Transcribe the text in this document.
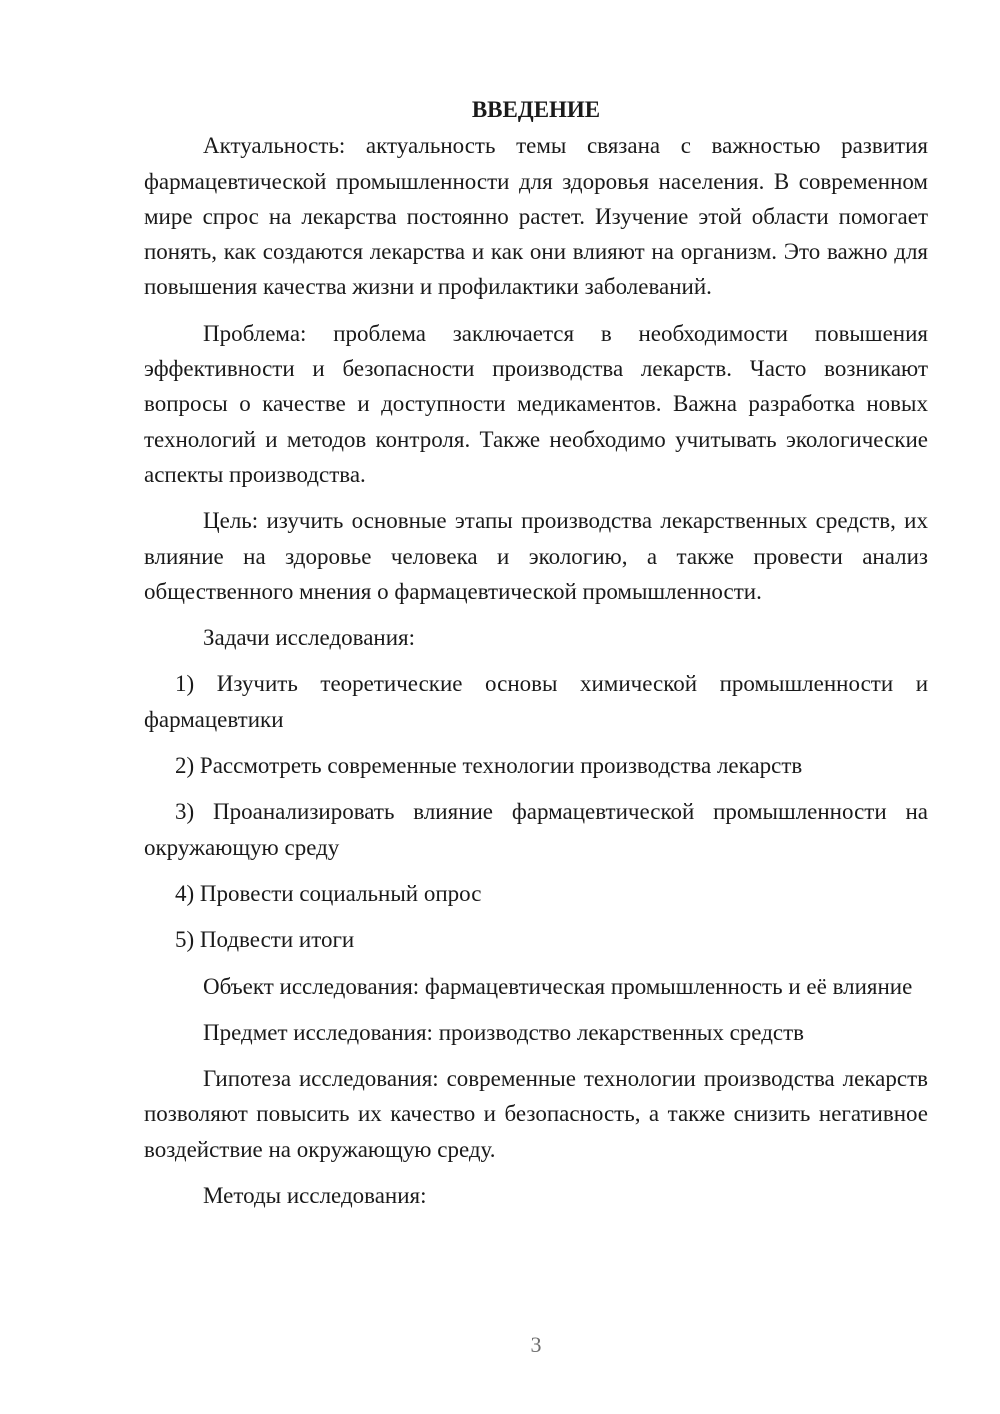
ВВЕДЕНИЕ

Актуальность: актуальность темы связана с важностью развития фармацевтической промышленности для здоровья населения. В современном мире спрос на лекарства постоянно растет. Изучение этой области помогает понять, как создаются лекарства и как они влияют на организм. Это важно для повышения качества жизни и профилактики заболеваний.

Проблема: проблема заключается в необходимости повышения эффективности и безопасности производства лекарств. Часто возникают вопросы о качестве и доступности медикаментов. Важна разработка новых технологий и методов контроля. Также необходимо учитывать экологические аспекты производства.

Цель: изучить основные этапы производства лекарственных средств, их влияние на здоровье человека и экологию, а также провести анализ общественного мнения о фармацевтической промышленности.

Задачи исследования:

1) Изучить теоретические основы химической промышленности и фармацевтики

2) Рассмотреть современные технологии производства лекарств

3) Проанализировать влияние фармацевтической промышленности на окружающую среду

4) Провести социальный опрос

5) Подвести итоги

Объект исследования: фармацевтическая промышленность и её влияние

Предмет исследования: производство лекарственных средств

Гипотеза исследования: современные технологии производства лекарств позволяют повысить их качество и безопасность, а также снизить негативное воздействие на окружающую среду.

Методы исследования:

3
